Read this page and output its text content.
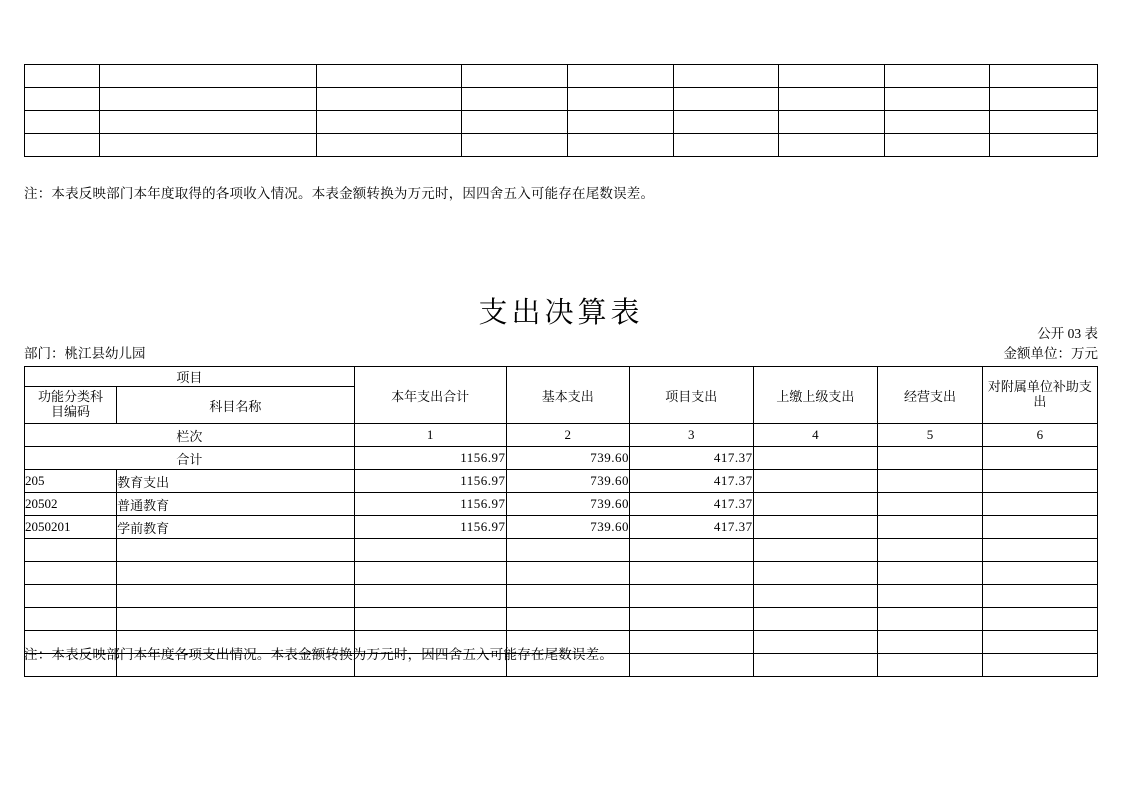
注：本表反映部门本年度取得的各项收入情况。本表金额转换为万元时，因四舍五入可能存在尾数误差。
支出决算表
公开 03 表
部门：桃江县幼儿园	金额单位：万元
项目		本年支出合计	基本支出	项目支出	上缴上级支出	经营支出	对附属单位补助支出
功能分类科
目编码	科目名称						
栏次		1	2	3	4	5	6
合计		1156.97	739.60	417.37			
205	教育支出	1156.97	739.60	417.37			
20502	普通教育	1156.97	739.60	417.37			
2050201	学前教育	1156.97	739.60	417.37			

注：本表反映部门本年度各项支出情况。本表金额转换为万元时，因四舍五入可能存在尾数误差。
